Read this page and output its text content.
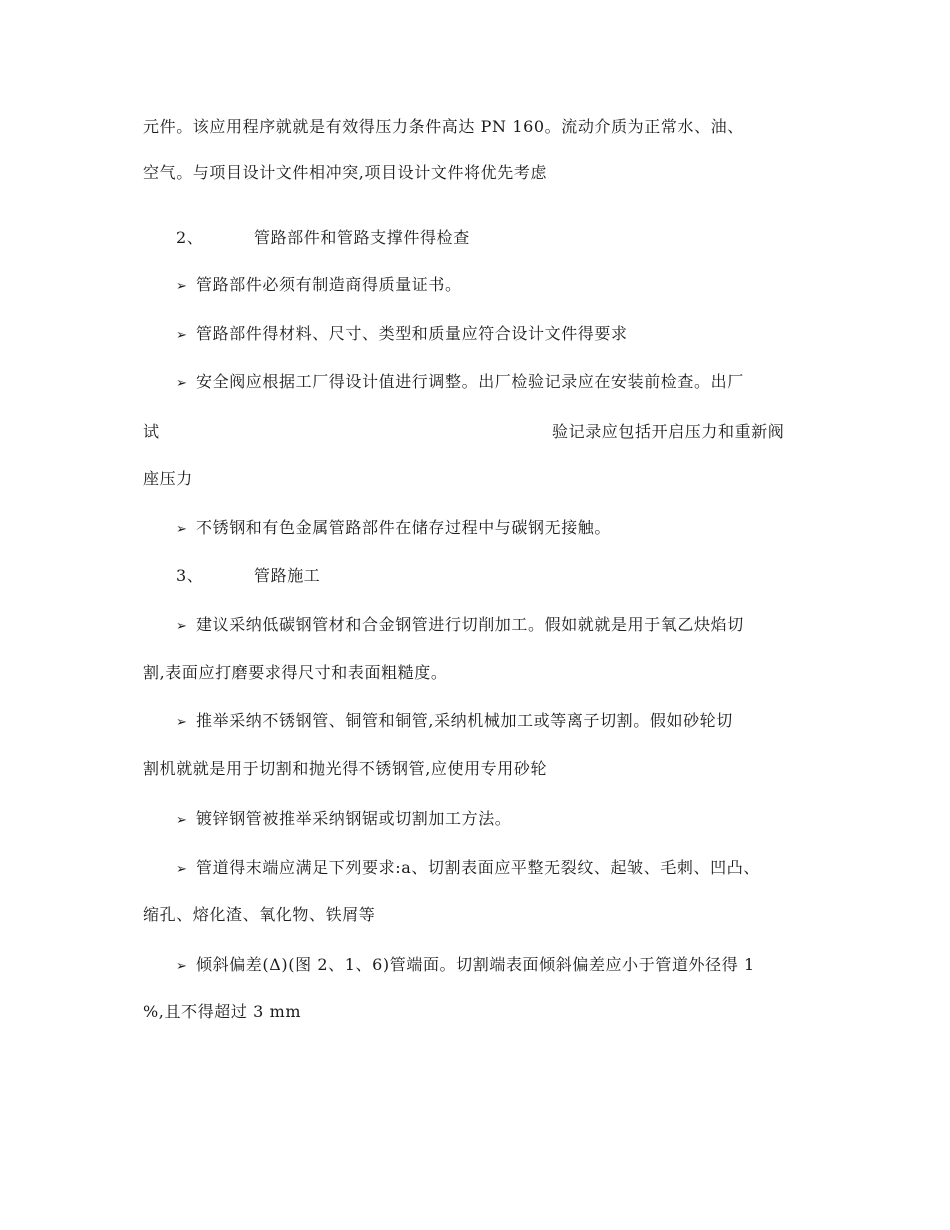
元件。该应用程序就就是有效得压力条件高达 PN 160。流动介质为正常水、油、
空气。与项目设计文件相冲突,项目设计文件将优先考虑
2、	管路部件和管路支撑件得检查
➢ 管路部件必须有制造商得质量证书。
➢ 管路部件得材料、尺寸、类型和质量应符合设计文件得要求
➢ 安全阀应根据工厂得设计值进行调整。出厂检验记录应在安装前检查。出厂
试	验记录应包括开启压力和重新阀
座压力
➢ 不锈钢和有色金属管路部件在储存过程中与碳钢无接触。
3、	管路施工
➢ 建议采纳低碳钢管材和合金钢管进行切削加工。假如就就是用于氧乙炔焰切
割,表面应打磨要求得尺寸和表面粗糙度。
➢ 推举采纳不锈钢管、铜管和铜管,采纳机械加工或等离子切割。假如砂轮切
割机就就是用于切割和抛光得不锈钢管,应使用专用砂轮
➢ 镀锌钢管被推举采纳钢锯或切割加工方法。
➢ 管道得末端应满足下列要求:a、切割表面应平整无裂纹、起皱、毛刺、凹凸、
缩孔、熔化渣、氧化物、铁屑等
➢ 倾斜偏差(Δ)(图 2、1、6)管端面。切割端表面倾斜偏差应小于管道外径得 1
%,且不得超过 3 mm
